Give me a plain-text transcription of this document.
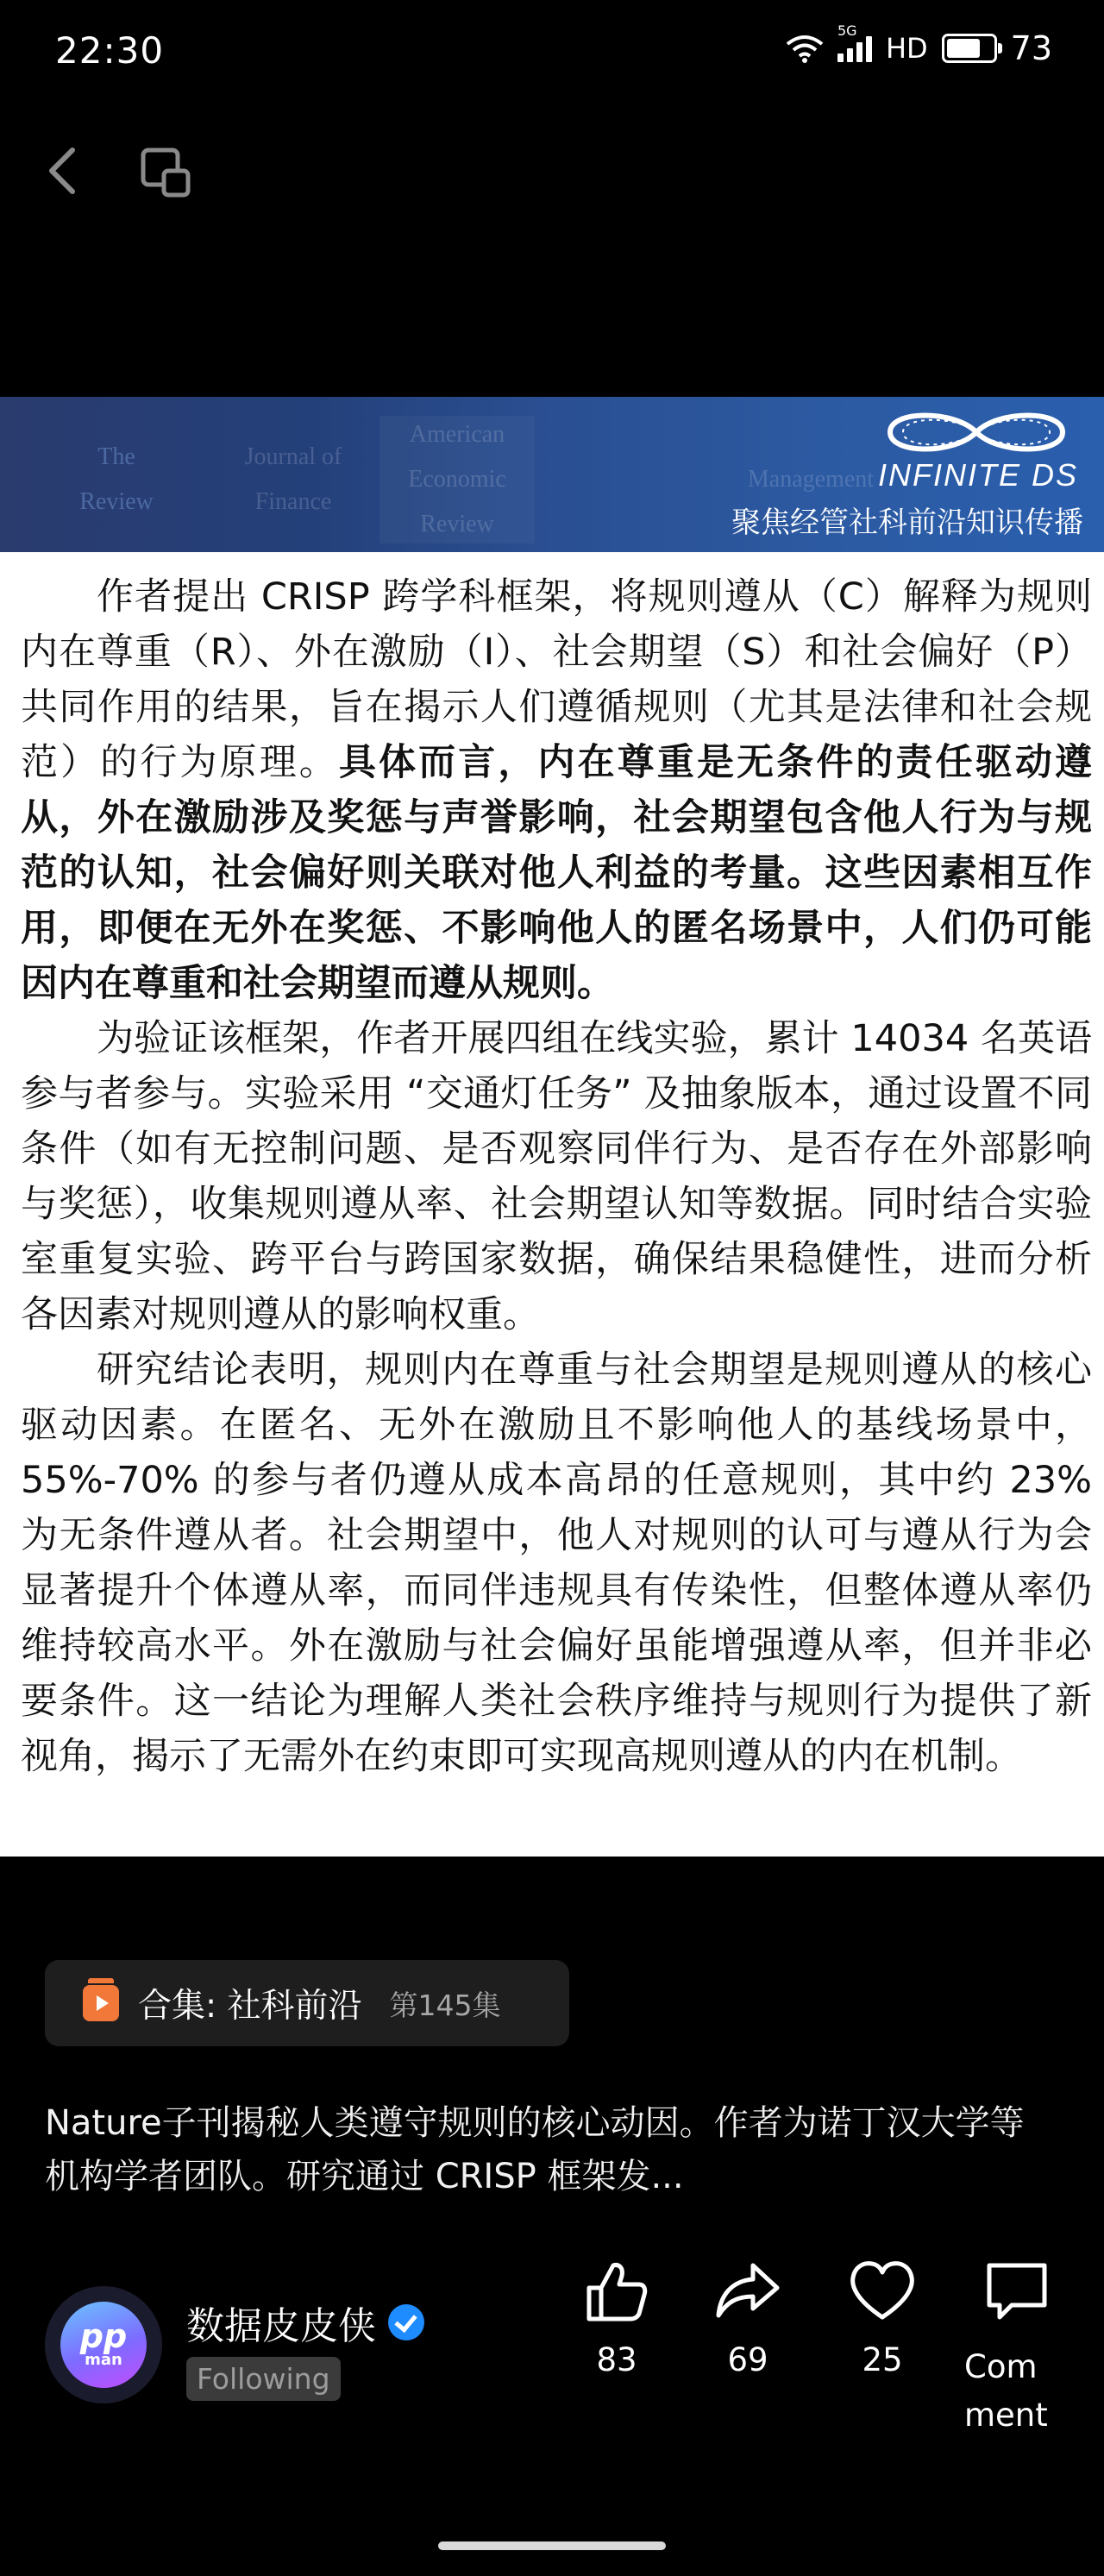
22:30	5G
HD	73
The
Review
Journal of
Finance
American
Economic
Review
Management INFINITE DS
聚焦经管社科前沿知识传播

作者提出 CRISP 跨学科框架，将规则遵从（C）解释为规则内在尊重（R）、外在激励（I）、社会期望（S）和社会偏好（P）共同作用的结果，旨在揭示人们遵循规则（尤其是法律和社会规范）的行为原理。具体而言，内在尊重是无条件的责任驱动遵从，外在激励涉及奖惩与声誉影响，社会期望包含他人行为与规范的认知，社会偏好则关联对他人利益的考量。这些因素相互作用，即便在无外在奖惩、不影响他人的匿名场景中，人们仍可能因内在尊重和社会期望而遵从规则。

为验证该框架，作者开展四组在线实验，累计 14034 名英语参与者参与。实验采用 “交通灯任务” 及抽象版本，通过设置不同条件（如有无控制问题、是否观察同伴行为、是否存在外部影响与奖惩），收集规则遵从率、社会期望认知等数据。同时结合实验室重复实验、跨平台与跨国家数据，确保结果稳健性，进而分析各因素对规则遵从的影响权重。

研究结论表明，规则内在尊重与社会期望是规则遵从的核心驱动因素。在匿名、无外在激励且不影响他人的基线场景中，55%-70% 的参与者仍遵从成本高昂的任意规则，其中约 23% 为无条件遵从者。社会期望中，他人对规则的认可与遵从行为会显著提升个体遵从率，而同伴违规具有传染性，但整体遵从率仍维持较高水平。外在激励与社会偏好虽能增强遵从率，但并非必要条件。这一结论为理解人类社会秩序维持与规则行为提供了新视角，揭示了无需外在约束即可实现高规则遵从的内在机制。

合集: 社科前沿 第145集
Nature子刊揭秘人类遵守规则的核心动因。作者为诺丁汉大学等机构学者团队。研究通过 CRISP 框架发...
pp
man
数据皮皮侠
Following
83	69	25 Comment
